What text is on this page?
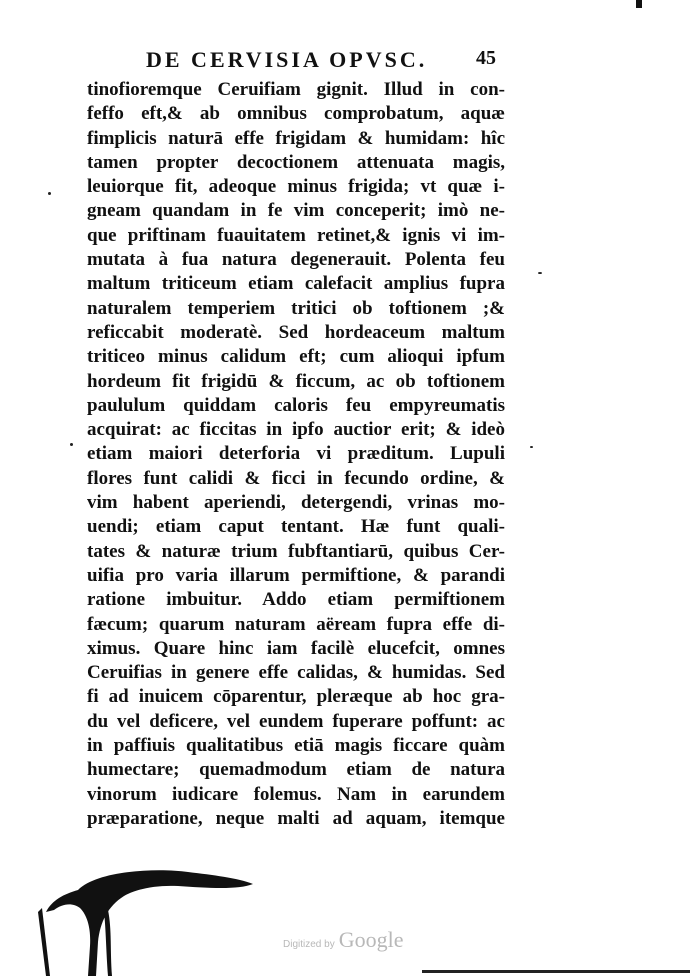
DE CERVISIA OPVSC. 45
tinofioremque Ceruifiam gignit. Illud in con-
feffo eft,& ab omnibus comprobatum, aquæ
fimplicis naturā effe frigidam & humidam: hîc
tamen propter decoctionem attenuata magis,
leuiorque fit, adeoque minus frigida; vt quæ i-
gneam quandam in fe vim conceperit; imò ne-
que priftinam fuauitatem retinet,& ignis vi im-
mutata à fua natura degenerauit. Polenta feu
maltum triticeum etiam calefacit amplius fupra
naturalem temperiem tritici ob toftionem ;&
reficcabit moderatè. Sed hordeaceum maltum
triticeo minus calidum eft; cum alioqui ipfum
hordeum fit frigidū & ficcum, ac ob toftionem
paululum quiddam caloris feu empyreumatis
acquirat: ac ficcitas in ipfo auctior erit; & ideò
etiam maiori deterforia vi præditum. Lupuli
flores funt calidi & ficci in fecundo ordine, &
vim habent aperiendi, detergendi, vrinas mo-
uendi; etiam caput tentant. Hæ funt quali-
tates & naturæ trium fubftantiarū, quibus Cer-
uifia pro varia illarum permiftione, & parandi
ratione imbuitur. Addo etiam permiftionem
fæcum; quarum naturam aëream fupra effe di-
ximus. Quare hinc iam facilè elucefcit, omnes
Ceruifias in genere effe calidas, & humidas. Sed
fi ad inuicem cōparentur, pleræque ab hoc gra-
du vel deficere, vel eundem fuperare poffunt: ac
in paffiuis qualitatibus etiā magis ficcare quàm
humectare; quemadmodum etiam de natura
vinorum iudicare folemus. Nam in earundem
præparatione, neque malti ad aquam, itemque
Digitized by Google
